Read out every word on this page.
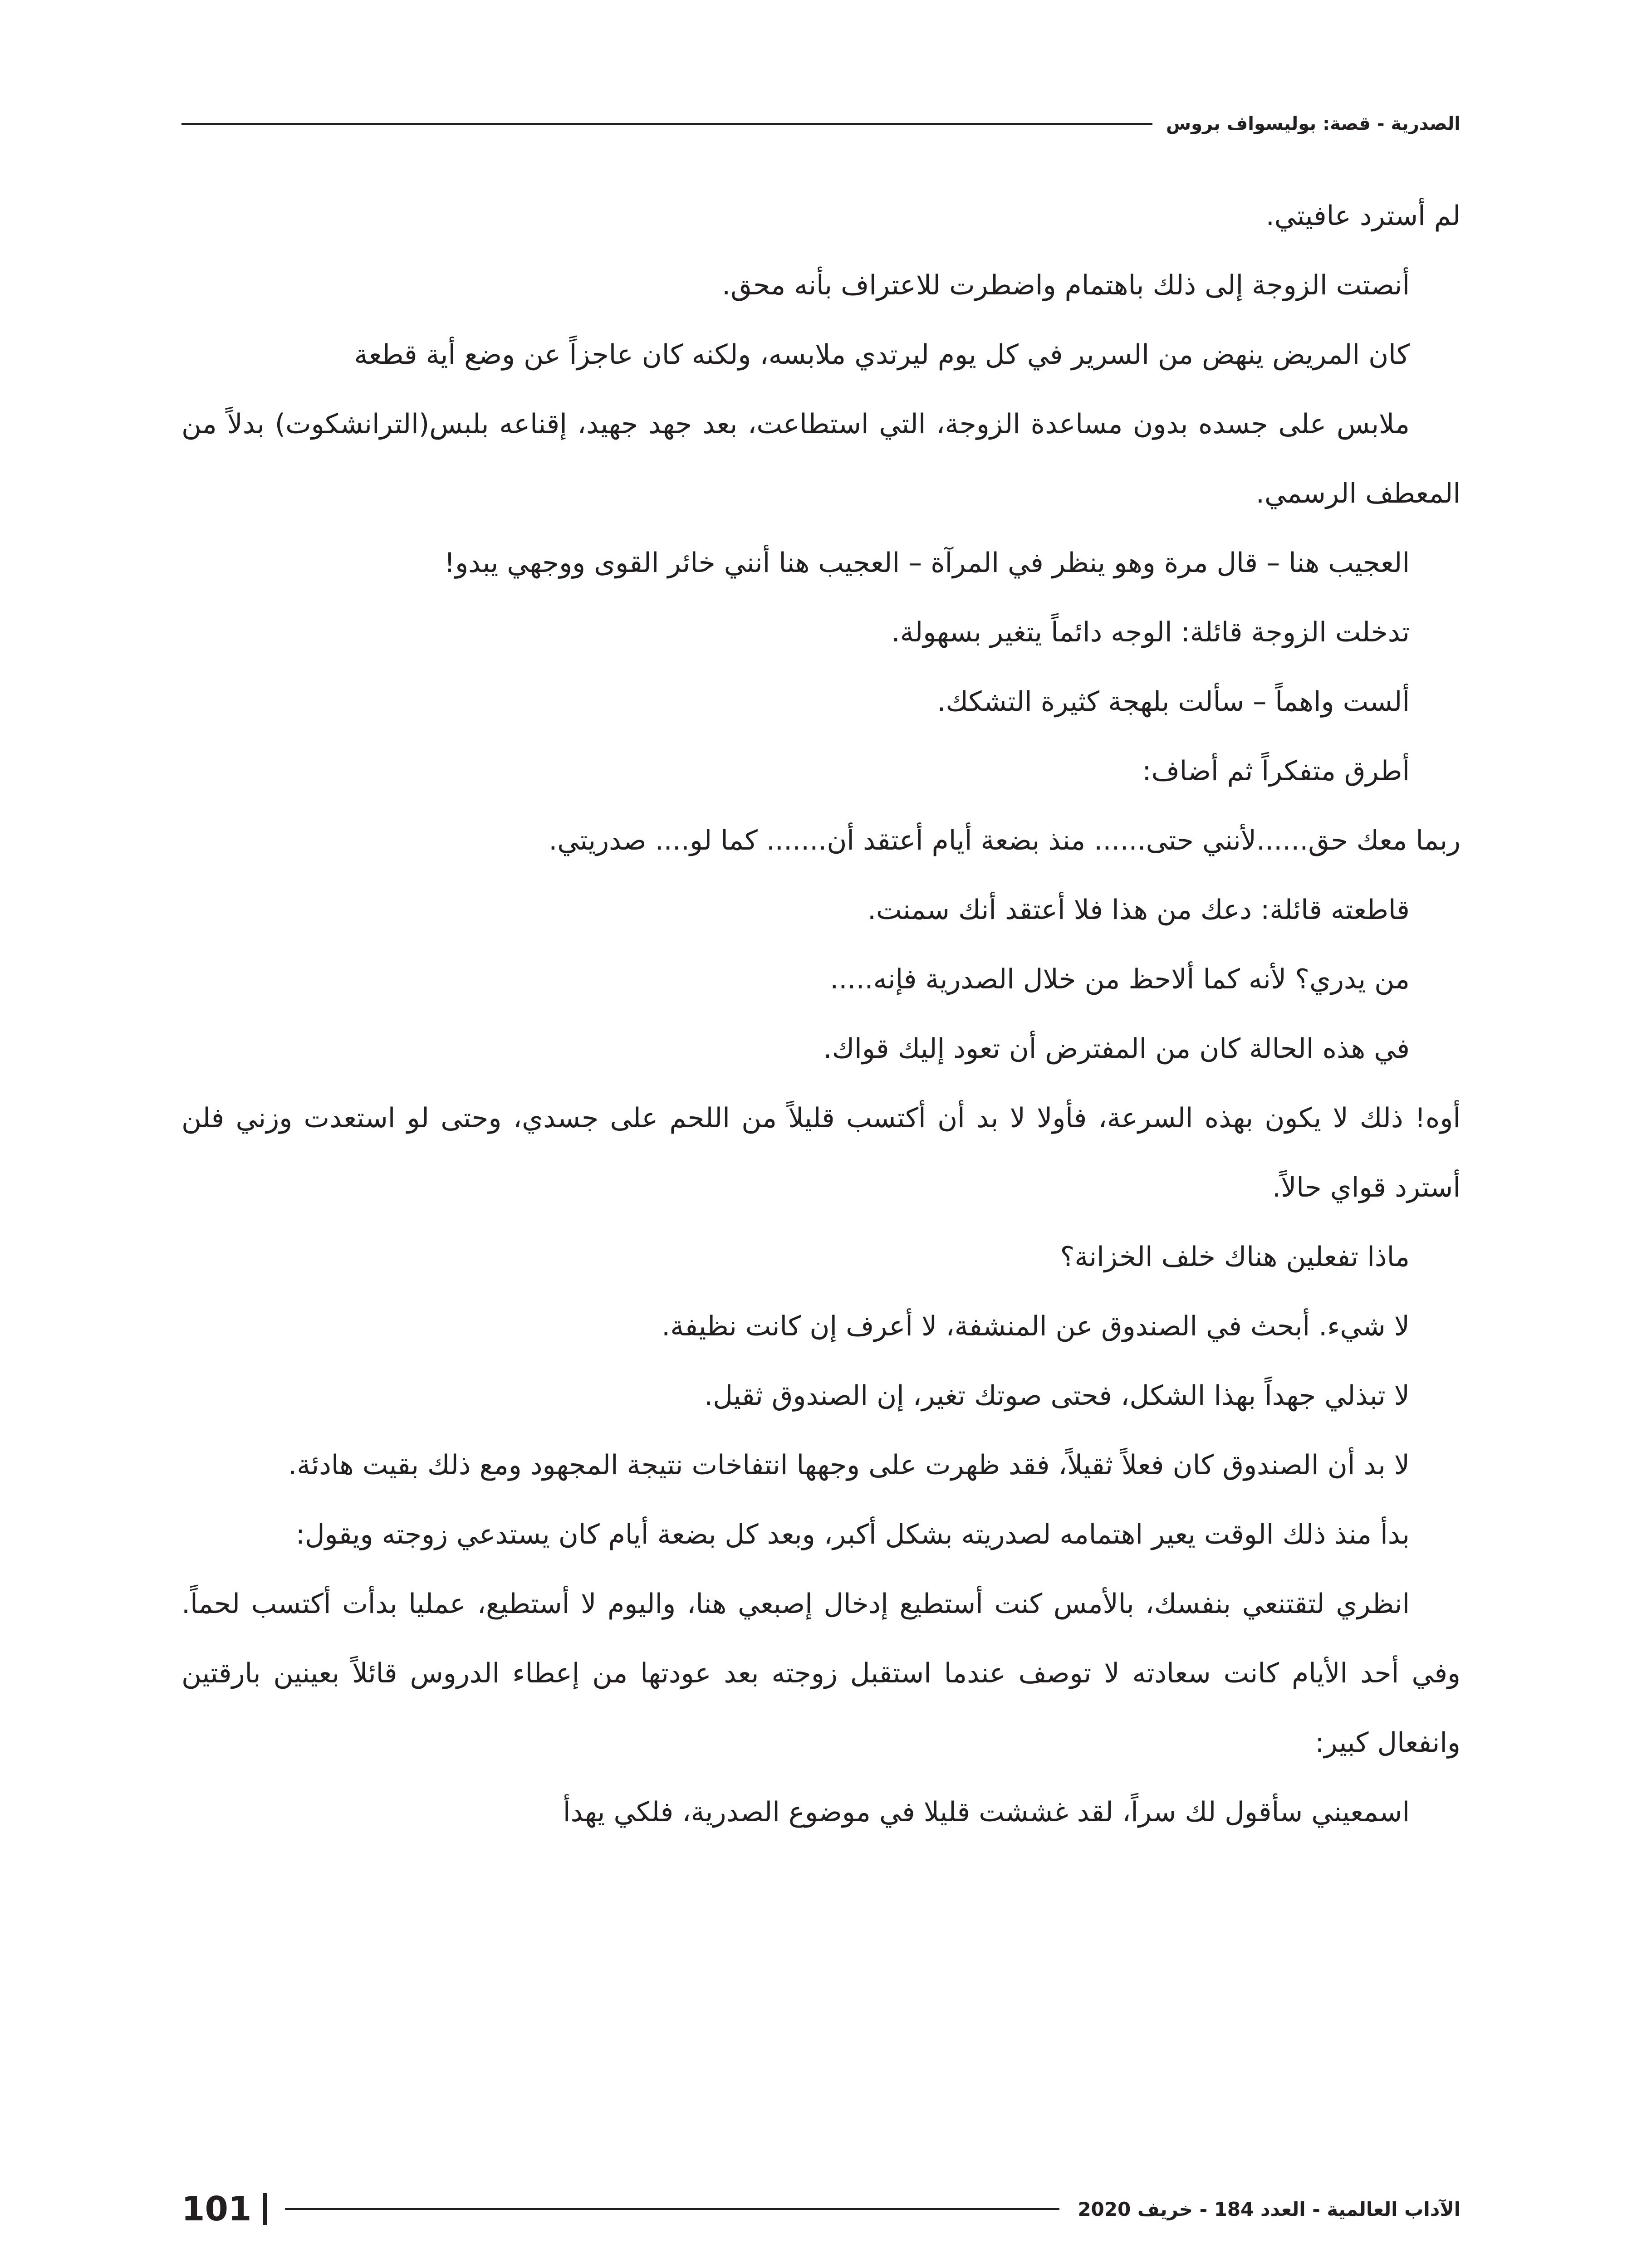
الصدرية - قصة: بوليسواف بروس

لم أسترد عافيتي.

أنصتت الزوجة إلى ذلك باهتمام واضطرت للاعتراف بأنه محق.

كان المريض ينهض من السرير في كل يوم ليرتدي ملابسه، ولكنه كان عاجزاً عن وضع أية قطعة

ملابس على جسده بدون مساعدة الزوجة، التي استطاعت، بعد جهد جهيد، إقناعه بلبس(الترانشكوت) بدلاً من المعطف الرسمي.

العجيب هنا – قال مرة وهو ينظر في المرآة – العجيب هنا أنني خائر القوى ووجهي يبدو!

تدخلت الزوجة قائلة: الوجه دائماً يتغير بسهولة.

ألست واهماً – سألت بلهجة كثيرة التشكك.

أطرق متفكراً ثم أضاف:

ربما معك حق......لأنني حتى...... منذ بضعة أيام أعتقد أن....... كما لو.... صدريتي.

قاطعته قائلة: دعك من هذا فلا أعتقد أنك سمنت.

من يدري؟ لأنه كما ألاحظ من خلال الصدرية فإنه.....

في هذه الحالة كان من المفترض أن تعود إليك قواك.

أوه! ذلك لا يكون بهذه السرعة، فأولا لا بد أن أكتسب قليلاً من اللحم على جسدي، وحتى لو استعدت وزني فلن أسترد قواي حالاً.

ماذا تفعلين هناك خلف الخزانة؟

لا شيء. أبحث في الصندوق عن المنشفة، لا أعرف إن كانت نظيفة.

لا تبذلي جهداً بهذا الشكل، فحتى صوتك تغير، إن الصندوق ثقيل.

لا بد أن الصندوق كان فعلاً ثقيلاً، فقد ظهرت على وجهها انتفاخات نتيجة المجهود ومع ذلك بقيت هادئة.

بدأ منذ ذلك الوقت يعير اهتمامه لصدريته بشكل أكبر، وبعد كل بضعة أيام كان يستدعي زوجته ويقول:

انظري لتقتنعي بنفسك، بالأمس كنت أستطيع إدخال إصبعي هنا، واليوم لا أستطيع، عمليا بدأت أكتسب لحماً. وفي أحد الأيام كانت سعادته لا توصف عندما استقبل زوجته بعد عودتها من إعطاء الدروس قائلاً بعينين بارقتين وانفعال كبير:

اسمعيني سأقول لك سراً، لقد غششت قليلا في موضوع الصدرية، فلكي يهدأ

الآداب العالمية - العدد 184 - خريف 2020
101
